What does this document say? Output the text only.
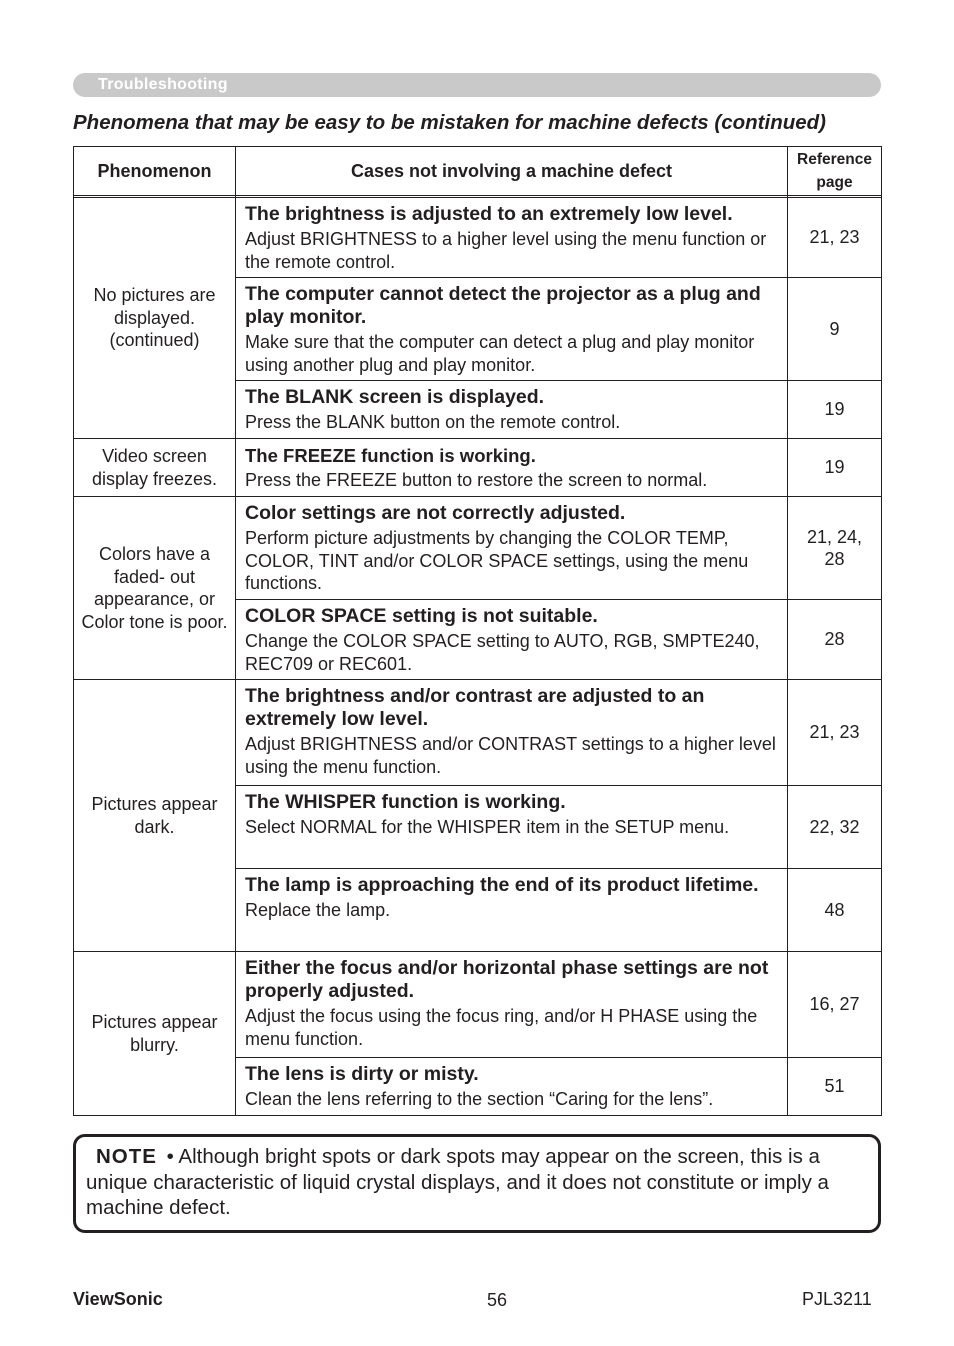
Troubleshooting
Phenomena that may be easy to be mistaken for machine defects (continued)
Phenomenon	Cases not involving a machine defect	Reference
page

No pictures are displayed. (continued)	The brightness is adjusted to an extremely low level.
Adjust BRIGHTNESS to a higher level using the menu function or the remote control.	21, 23

	The computer cannot detect the projector as a plug and play monitor.
Make sure that the computer can detect a plug and play monitor using another plug and play monitor.	9

	The BLANK screen is displayed.
Press the BLANK button on the remote control.	19
Video screen display freezes.	The FREEZE function is working.
Press the FREEZE button to restore the screen to normal.	19
Colors have a faded- out appearance, or Color tone is poor.	Color settings are not correctly adjusted.
Perform picture adjustments by changing the COLOR TEMP, COLOR, TINT and/or COLOR SPACE settings, using the menu functions.	21, 24, 28

	COLOR SPACE setting is not suitable.
Change the COLOR SPACE setting to AUTO, RGB, SMPTE240, REC709 or REC601.	28
Pictures appear dark.	The brightness and/or contrast are adjusted to an extremely low level.
Adjust BRIGHTNESS and/or CONTRAST settings to a higher level using the menu function.	21, 23

	The WHISPER function is working.
Select NORMAL for the WHISPER item in the SETUP menu.	22, 32

	The lamp is approaching the end of its product lifetime.
Replace the lamp.	48
Pictures appear blurry.	Either the focus and/or horizontal phase settings are not properly adjusted.
Adjust the focus using the focus ring, and/or H PHASE using the menu function.	16, 27

	The lens is dirty or misty.
Clean the lens referring to the section “Caring for the lens”.	51
NOTE • Although bright spots or dark spots may appear on the screen, this is a unique characteristic of liquid crystal displays, and it does not constitute or imply a machine defect.
ViewSonic	56	PJL3211
